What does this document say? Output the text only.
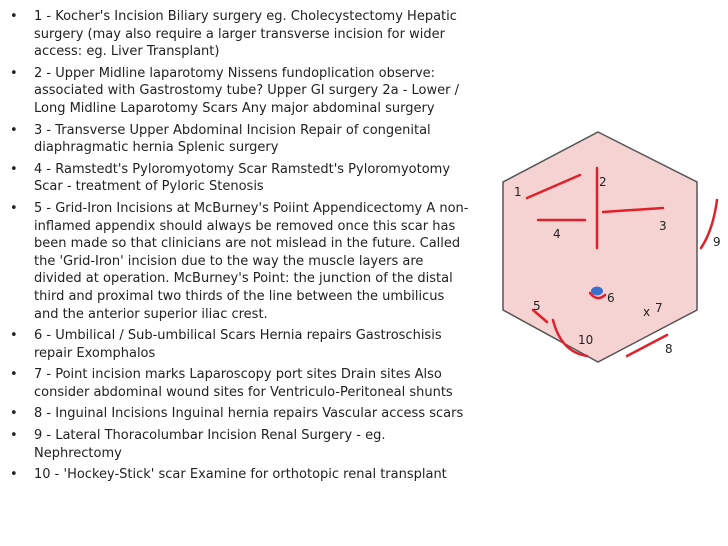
• 1 - Kocher's Incision Biliary surgery eg. Cholecystectomy Hepatic surgery (may also require a larger transverse incision for wider access: eg. Liver Transplant)
• 2 - Upper Midline laparotomy Nissens fundoplication observe: associated with Gastrostomy tube? Upper GI surgery 2a - Lower / Long Midline Laparotomy Scars Any major abdominal surgery
• 3 - Transverse Upper Abdominal Incision Repair of congenital diaphragmatic hernia Splenic surgery
• 4 - Ramstedt's Pyloromyotomy Scar Ramstedt's Pyloromyotomy Scar - treatment of Pyloric Stenosis
• 5 - Grid-Iron Incisions at McBurney's Poiint Appendicectomy A non-inflamed appendix should always be removed once this scar has been made so that clinicians are not mislead in the future. Called the 'Grid-Iron' incision due to the way the muscle layers are divided at operation. McBurney's Point: the junction of the distal third and proximal two thirds of the line between the umbilicus and the anterior superior iliac crest.
• 6 - Umbilical / Sub-umbilical Scars Hernia repairs Gastroschisis repair Exomphalos
• 7 - Point incision marks Laparoscopy port sites Drain sites Also consider abdominal wound sites for Ventriculo-Peritoneal shunts
• 8 - Inguinal Incisions Inguinal hernia repairs Vascular access scars
• 9 - Lateral Thoracolumbar Incision Renal Surgery - eg. Nephrectomy
• 10 - 'Hockey-Stick' scar Examine for orthotopic renal transplant
1
2
3
4
5
6
7
8
9
10
x
